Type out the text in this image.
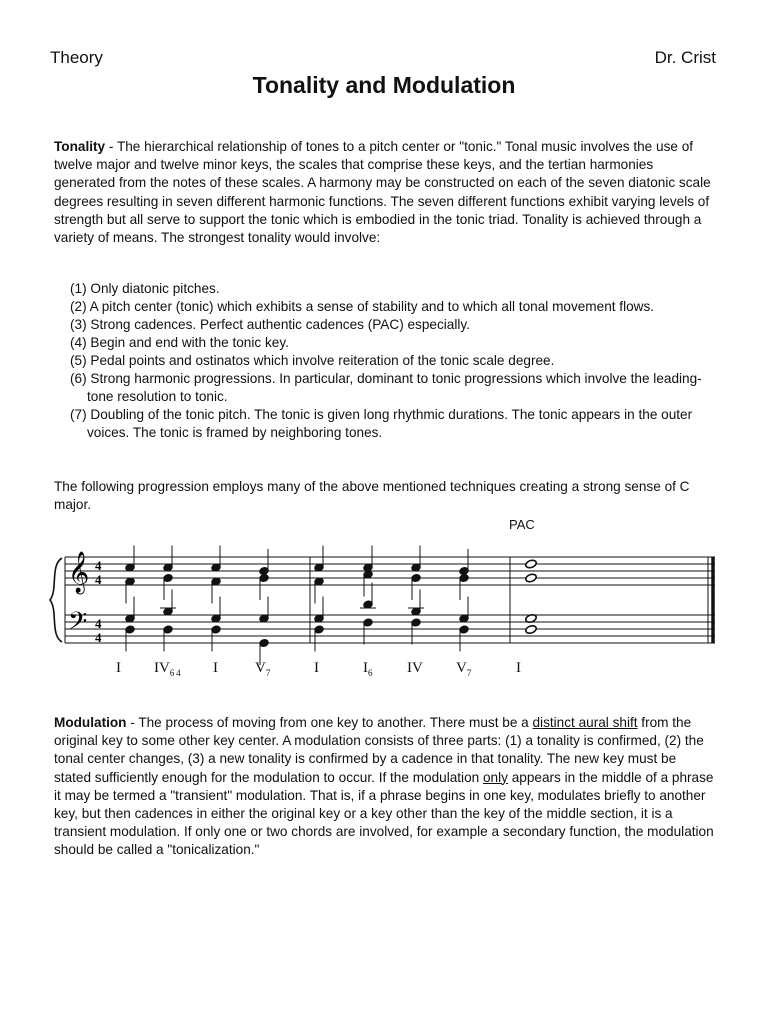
Theory	Dr. Crist
Tonality and Modulation
Tonality - The hierarchical relationship of tones to a pitch center or "tonic." Tonal music involves the use of twelve major and twelve minor keys, the scales that comprise these keys, and the tertian harmonies generated from the notes of these scales. A harmony may be constructed on each of the seven diatonic scale degrees resulting in seven different harmonic functions. The seven different functions exhibit varying levels of strength but all serve to support the tonic which is embodied in the tonic triad. Tonality is achieved through a variety of means. The strongest tonality would involve:
(1) Only diatonic pitches.
(2) A pitch center (tonic) which exhibits a sense of stability and to which all tonal movement flows.
(3) Strong cadences. Perfect authentic cadences (PAC) especially.
(4) Begin and end with the tonic key.
(5) Pedal points and ostinatos which involve reiteration of the tonic scale degree.
(6) Strong harmonic progressions. In particular, dominant to tonic progressions which involve the leading-tone resolution to tonic.
(7) Doubling of the tonic pitch. The tonic is given long rhythmic durations. The tonic appears in the outer voices. The tonic is framed by neighboring tones.
The following progression employs many of the above mentioned techniques creating a strong sense of C major.
PAC
𝄞
𝄢
4
4
4
4
I $IV_{6 4}$ I $V_7$	I	$I_6$ IV $V_7$	I
Modulation - The process of moving from one key to another. There must be a distinct aural shift from the original key to some other key center. A modulation consists of three parts: (1) a tonality is confirmed, (2) the tonal center changes, (3) a new tonality is confirmed by a cadence in that tonality. The new key must be stated sufficiently enough for the modulation to occur. If the modulation only appears in the middle of a phrase it may be termed a "transient" modulation. That is, if a phrase begins in one key, modulates briefly to another key, but then cadences in either the original key or a key other than the key of the middle section, it is a transient modulation. If only one or two chords are involved, for example a secondary function, the modulation should be called a "tonicalization."
